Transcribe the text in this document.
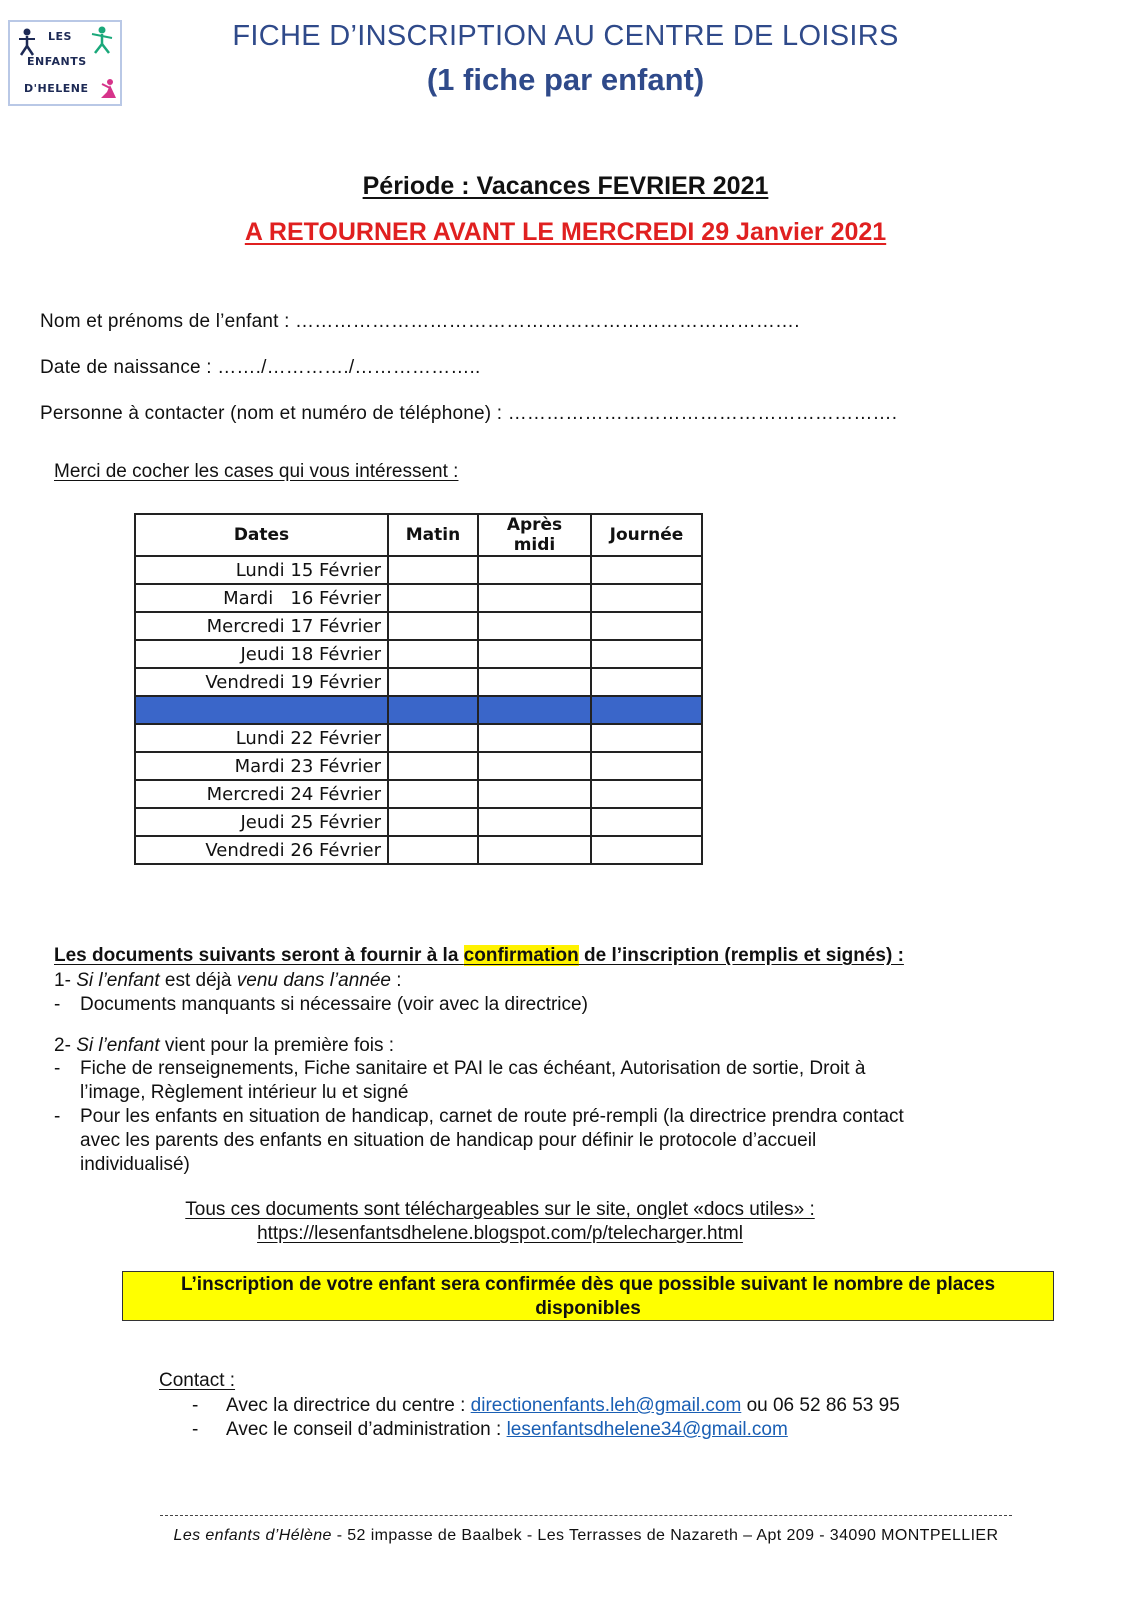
LES
ENFANTS
D'HELENE
FICHE D’INSCRIPTION AU CENTRE DE LOISIRS
(1 fiche par enfant)
Période : Vacances FEVRIER 2021
A RETOURNER AVANT LE MERCREDI 29 Janvier 2021
Nom et prénoms de l’enfant : …………………………………………………………………….
Date de naissance : ……./…………./………………..
Personne à contacter (nom et numéro de téléphone) : …………………………………………………….
Merci de cocher les cases qui vous intéressent :
Dates	Matin	Après midi	Journée
Lundi 15 Février			
Mardi   16 Février			
Mercredi 17 Février			
Jeudi 18 Février			
Vendredi 19 Février			

Lundi 22 Février			
Mardi 23 Février			
Mercredi 24 Février			
Jeudi 25 Février			
Vendredi 26 Février			
Les documents suivants seront à fournir à la confirmation de l’inscription (remplis et signés) :
1- Si l’enfant est déjà venu dans l’année :
- Documents manquants si nécessaire (voir avec la directrice)
2- Si l’enfant vient pour la première fois :
- Fiche de renseignements, Fiche sanitaire et PAI le cas échéant, Autorisation de sortie, Droit à
l’image, Règlement intérieur lu et signé
- Pour les enfants en situation de handicap, carnet de route pré-rempli (la directrice prendra contact
avec les parents des enfants en situation de handicap pour définir le protocole d’accueil
individualisé)
Tous ces documents sont téléchargeables sur le site, onglet «docs utiles» :
https://lesenfantsdhelene.blogspot.com/p/telecharger.html
L’inscription de votre enfant sera confirmée dès que possible suivant le nombre de places
disponibles
Contact :
- Avec la directrice du centre : directionenfants.leh@gmail.com ou 06 52 86 53 95
- Avec le conseil d’administration : lesenfantsdhelene34@gmail.com
Les enfants d’Hélène - 52 impasse de Baalbek - Les Terrasses de Nazareth – Apt 209 - 34090 MONTPELLIER
